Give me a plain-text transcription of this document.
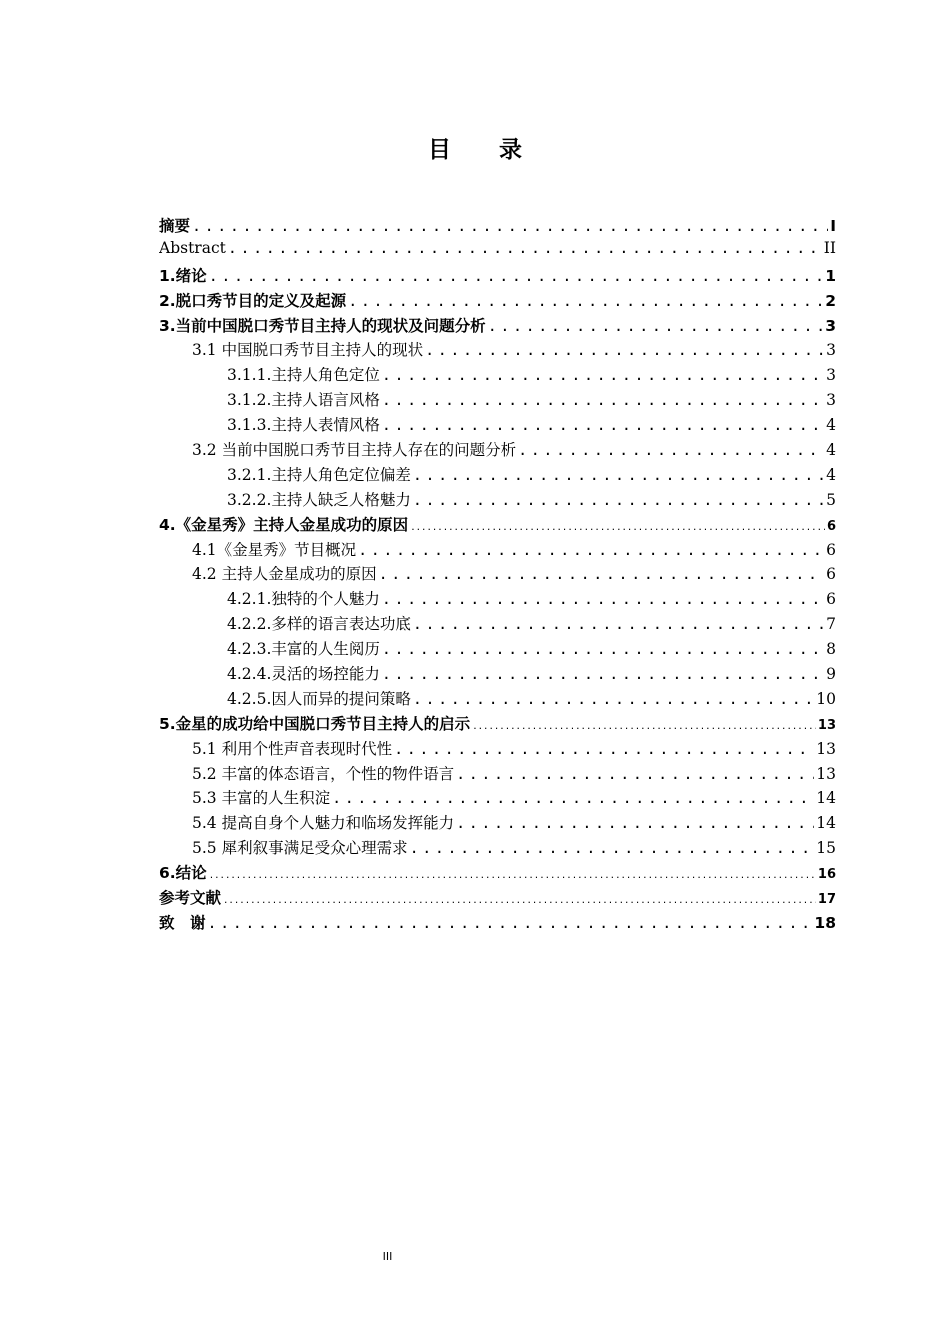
目 录
摘要 .....	I
Abstract .....	II
1.绪论 .....	1
2.脱口秀节目的定义及起源 .....	2
3.当前中国脱口秀节目主持人的现状及问题分析 .....	3
3.1 中国脱口秀节目主持人的现状 .....	3
3.1.1.主持人角色定位 .....	3
3.1.2.主持人语言风格 .....	3
3.1.3.主持人表情风格 .....	4
3.2 当前中国脱口秀节目主持人存在的问题分析 .....	4
3.2.1.主持人角色定位偏差 .....	4
3.2.2.主持人缺乏人格魅力 .....	5
4.《金星秀》主持人金星成功的原因 .....	6
4.1《金星秀》节目概况 .....	6
4.2 主持人金星成功的原因 .....	6
4.2.1.独特的个人魅力 .....	6
4.2.2.多样的语言表达功底 .....	7
4.2.3.丰富的人生阅历 .....	8
4.2.4.灵活的场控能力 .....	9
4.2.5.因人而异的提问策略 .....	10
5.金星的成功给中国脱口秀节目主持人的启示 .....	13
5.1 利用个性声音表现时代性 .....	13
5.2 丰富的体态语言，个性的物件语言 .....	13
5.3 丰富的人生积淀 .....	14
5.4 提高自身个人魅力和临场发挥能力 .....	14
5.5 犀利叙事满足受众心理需求 .....	15
6.结论 .....	16
参考文献 .....	17
致　谢 .....	18
III
